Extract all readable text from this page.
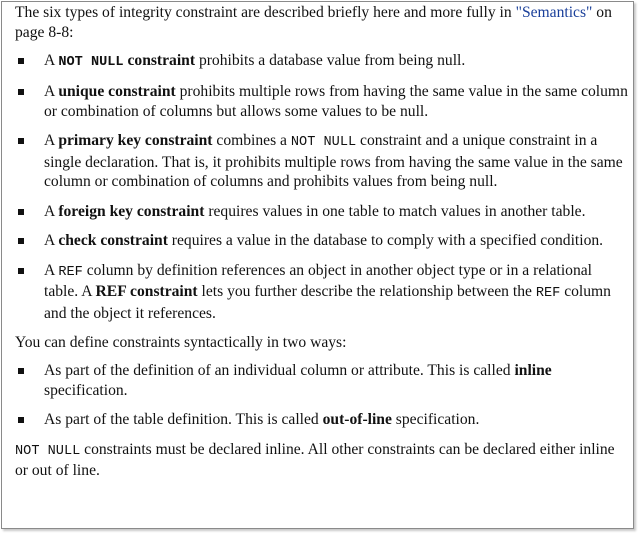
The six types of integrity constraint are described briefly here and more fully in "Semantics" on page 8-8:

A NOT NULL constraint prohibits a database value from being null.
A unique constraint prohibits multiple rows from having the same value in the same column or combination of columns but allows some values to be null.
A primary key constraint combines a NOT NULL constraint and a unique constraint in a single declaration. That is, it prohibits multiple rows from having the same value in the same column or combination of columns and prohibits values from being null.
A foreign key constraint requires values in one table to match values in another table.
A check constraint requires a value in the database to comply with a specified condition.
A REF column by definition references an object in another object type or in a relational table. A REF constraint lets you further describe the relationship between the REF column and the object it references.

You can define constraints syntactically in two ways:

As part of the definition of an individual column or attribute. This is called inline specification.
As part of the table definition. This is called out-of-line specification.

NOT NULL constraints must be declared inline. All other constraints can be declared either inline or out of line.
